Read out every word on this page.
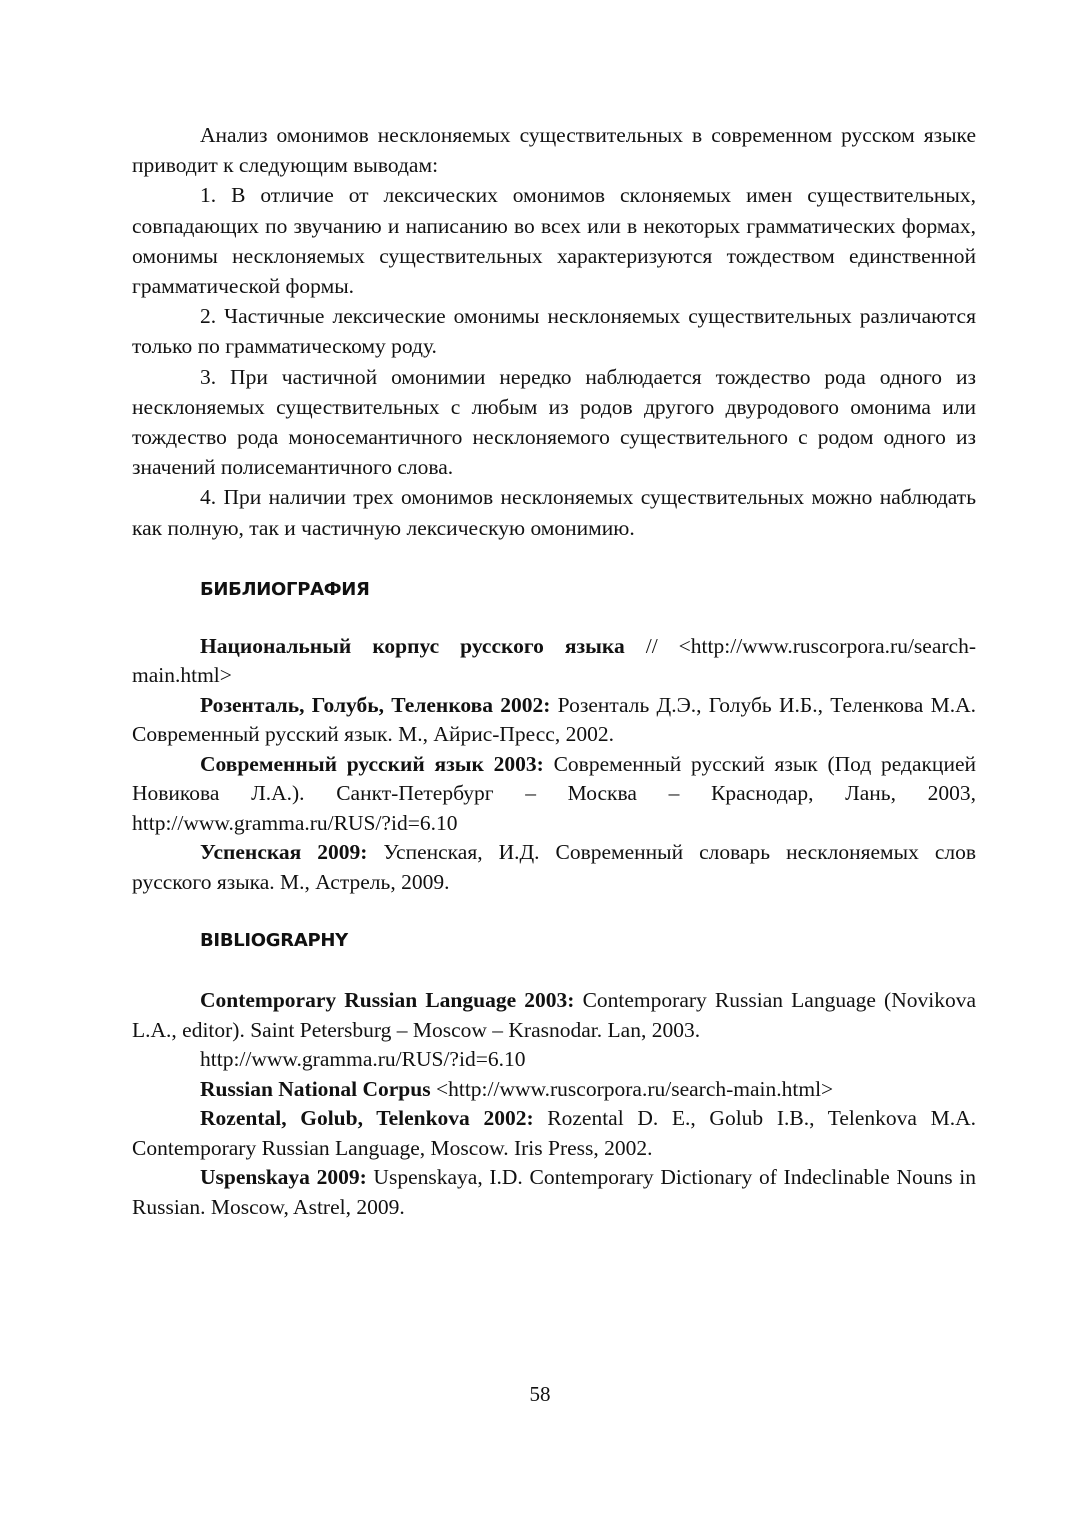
Анализ омонимов несклоняемых существительных в современном русском языке приводит к следующим выводам:

1. В отличие от лексических омонимов склоняемых имен существительных, совпадающих по звучанию и написанию во всех или в некоторых грамматических формах, омонимы несклоняемых существительных характеризуются тождеством единственной грамматической формы.

2. Частичные лексические омонимы несклоняемых существительных различаются только по грамматическому роду.

3. При частичной омонимии нередко наблюдается тождество рода одного из несклоняемых существительных с любым из родов другого двуродового омонима или тождество рода моносемантичного несклоняемого существительного с родом одного из значений полисемантичного слова.

4. При наличии трех омонимов несклоняемых существительных можно наблюдать как полную, так и частичную лексическую омонимию.

БИБЛИОГРАФИЯ

Национальный корпус русского языка // <http://www.ruscorpora.ru/search-main.html>

Розенталь, Голубь, Теленкова 2002: Розенталь Д.Э., Голубь И.Б., Теленкова М.А. Современный русский язык. М., Айрис-Пресс, 2002.

Современный русский язык 2003: Современный русский язык (Под редакцией Новикова Л.А.). Санкт-Петербург – Москва – Краснодар, Лань, 2003, http://www.gramma.ru/RUS/?id=6.10

Успенская 2009: Успенская, И.Д. Современный словарь несклоняемых слов русского языка. М., Астрель, 2009.

BIBLIOGRAPHY

Contemporary Russian Language 2003: Contemporary Russian Language (Novikova L.A., editor). Saint Petersburg – Moscow – Krasnodar. Lan, 2003.

http://www.gramma.ru/RUS/?id=6.10

Russian National Corpus <http://www.ruscorpora.ru/search-main.html>

Rozental, Golub, Telenkova 2002: Rozental D. E., Golub I.B., Telenkova M.A. Contemporary Russian Language, Moscow. Iris Press, 2002.

Uspenskaya 2009: Uspenskaya, I.D. Contemporary Dictionary of Indeclinable Nouns in Russian. Moscow, Astrel, 2009.

58
